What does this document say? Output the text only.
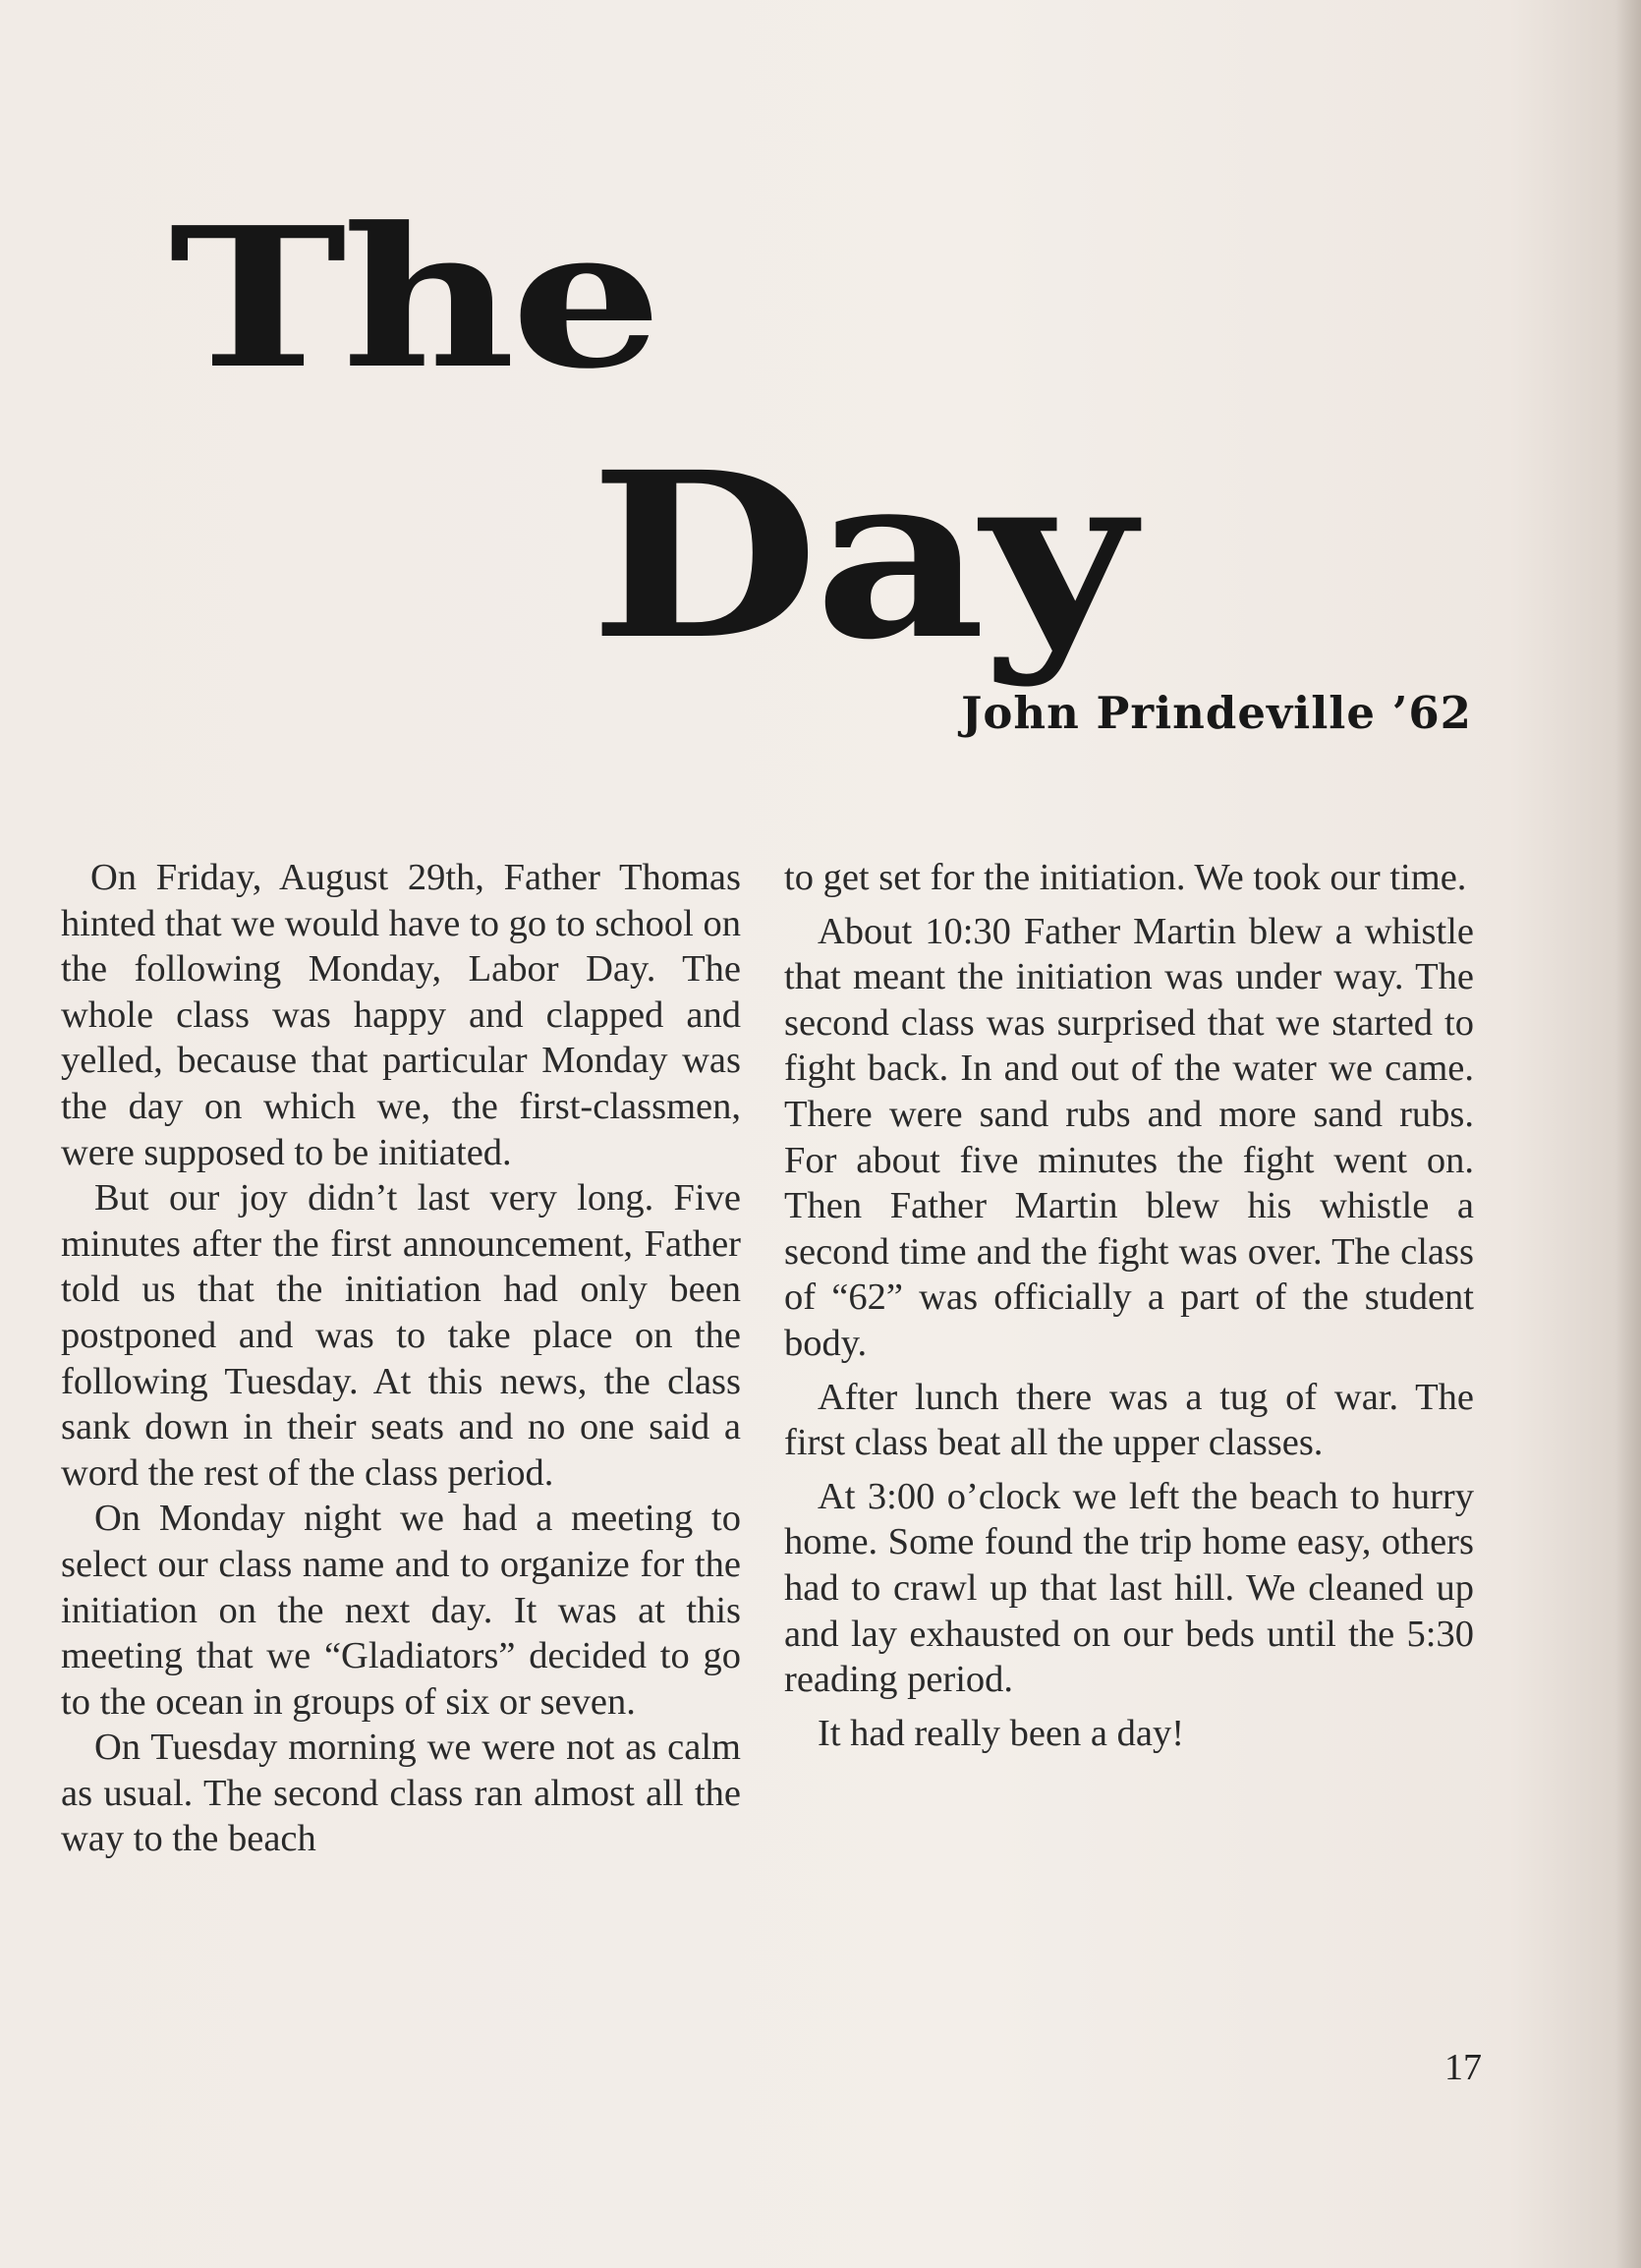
The
Day
John Prindeville ’62

On Friday, August 29th, Father Thomas hinted that we would have to go to school on the following Monday, Labor Day. The whole class was happy and clapped and yelled, because that particular Monday was the day on which we, the first-classmen, were supposed to be initiated.

But our joy didn’t last very long. Five minutes after the first announcement, Father told us that the initiation had only been postponed and was to take place on the following Tuesday. At this news, the class sank down in their seats and no one said a word the rest of the class period.

On Monday night we had a meeting to select our class name and to organize for the initiation on the next day. It was at this meeting that we “Gladiators” decided to go to the ocean in groups of six or seven.

On Tuesday morning we were not as calm as usual. The second class ran almost all the way to the beach

to get set for the initiation. We took our time.

About 10:30 Father Martin blew a whistle that meant the initiation was under way. The second class was surprised that we started to fight back. In and out of the water we came. There were sand rubs and more sand rubs. For about five minutes the fight went on. Then Father Martin blew his whistle a second time and the fight was over. The class of “62” was officially a part of the student body.

After lunch there was a tug of war. The first class beat all the upper classes.

At 3:00 o’clock we left the beach to hurry home. Some found the trip home easy, others had to crawl up that last hill. We cleaned up and lay exhausted on our beds until the 5:30 reading period.

It had really been a day!

17
